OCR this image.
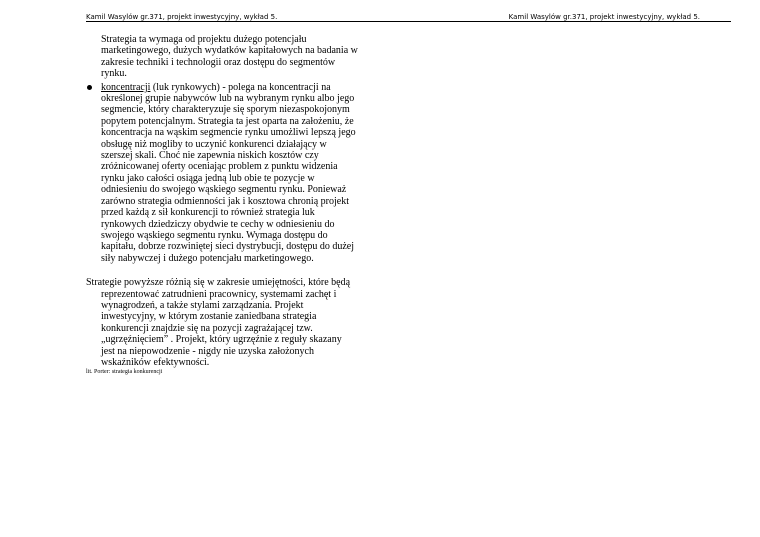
Kamil Wasylów gr.371, projekt inwestycyjny, wykład 5.	Kamil Wasylów gr.371, projekt inwestycyjny, wykład 5.

Strategia ta wymaga od projektu dużego potencjału marketingowego, dużych wydatków kapitałowych na badania w zakresie techniki i technologii oraz dostępu do segmentów rynku.

koncentracji (luk rynkowych) - polega na koncentracji na określonej grupie nabywców lub na wybranym rynku albo jego segmencie, który charakteryzuje się sporym niezaspokojonym popytem potencjalnym. Strategia ta jest oparta na założeniu, że koncentracja na wąskim segmencie rynku umożliwi lepszą jego obsługę niż mogliby to uczynić konkurenci działający w szerszej skali. Choć nie zapewnia niskich kosztów czy zróżnicowanej oferty oceniając problem z punktu widzenia rynku jako całości osiąga jedną lub obie te pozycje w odniesieniu do swojego wąskiego segmentu rynku. Ponieważ zarówno strategia odmienności jak i kosztowa chronią projekt przed każdą z sił konkurencji to również strategia luk rynkowych dziedziczy obydwie te cechy w odniesieniu do swojego wąskiego segmentu rynku. Wymaga dostępu do kapitału, dobrze rozwiniętej sieci dystrybucji, dostępu do dużej siły nabywczej i dużego potencjału marketingowego.

Strategie powyższe różnią się w zakresie umiejętności, które będą reprezentować zatrudnieni pracownicy, systemami zachęt i wynagrodzeń, a także stylami zarządzania. Projekt inwestycyjny, w którym zostanie zaniedbana strategia konkurencji znajdzie się na pozycji zagrażającej tzw. „ugrzęźnięciem” . Projekt, który ugrzęźnie z reguły skazany jest na niepowodzenie - nigdy nie uzyska założonych wskaźników efektywności.

lit. Porter: strategia konkurencji
